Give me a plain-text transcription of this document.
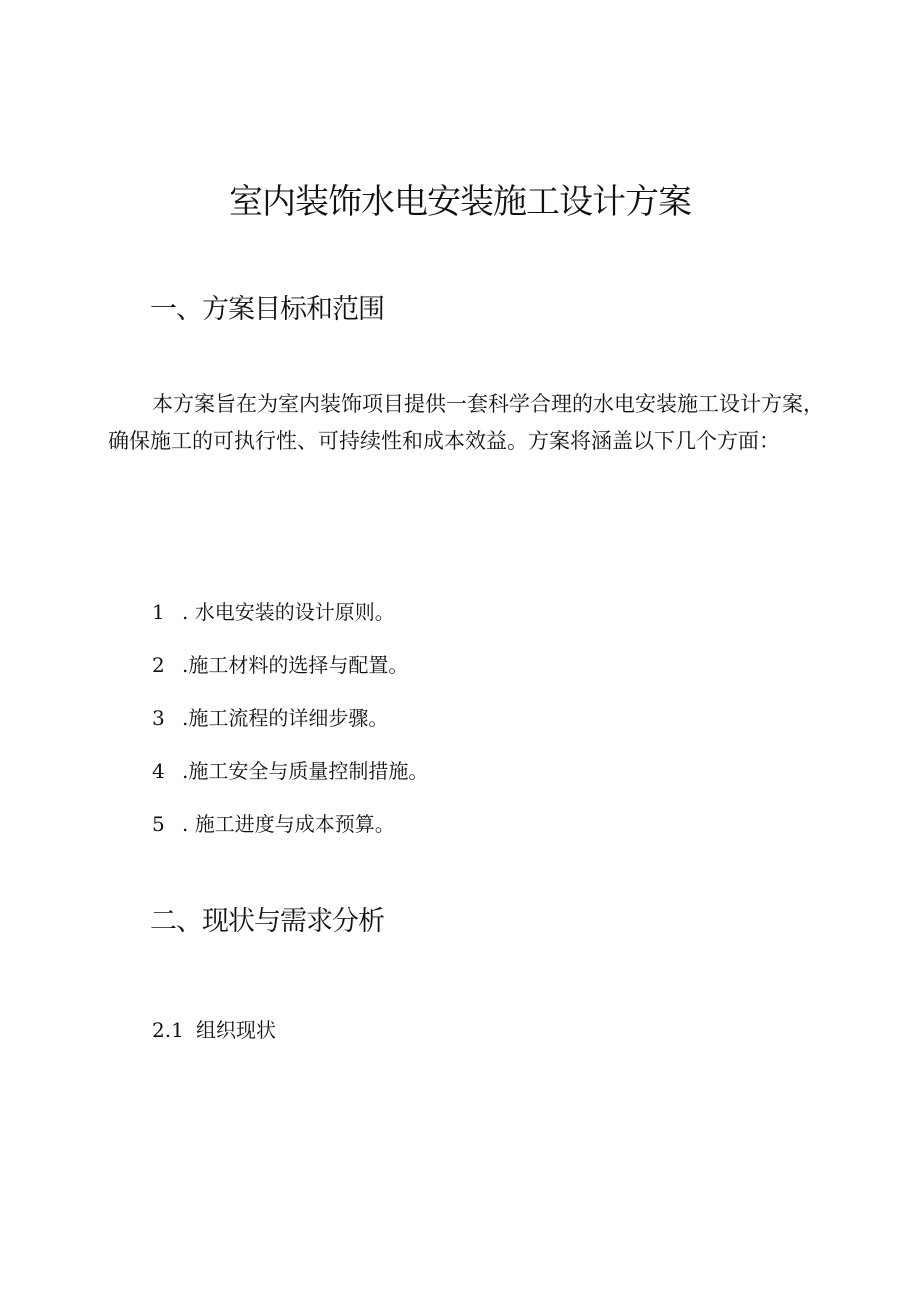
室内装饰水电安装施工设计方案
一、方案目标和范围

本方案旨在为室内装饰项目提供一套科学合理的水电安装施工设计方案，确保施工的可执行性、可持续性和成本效益。方案将涵盖以下几个方面：

1 . 水电安装的设计原则。
2 .施工材料的选择与配置。
3 .施工流程的详细步骤。
4 .施工安全与质量控制措施。
5 . 施工进度与成本预算。
二、现状与需求分析

2.1 组织现状
